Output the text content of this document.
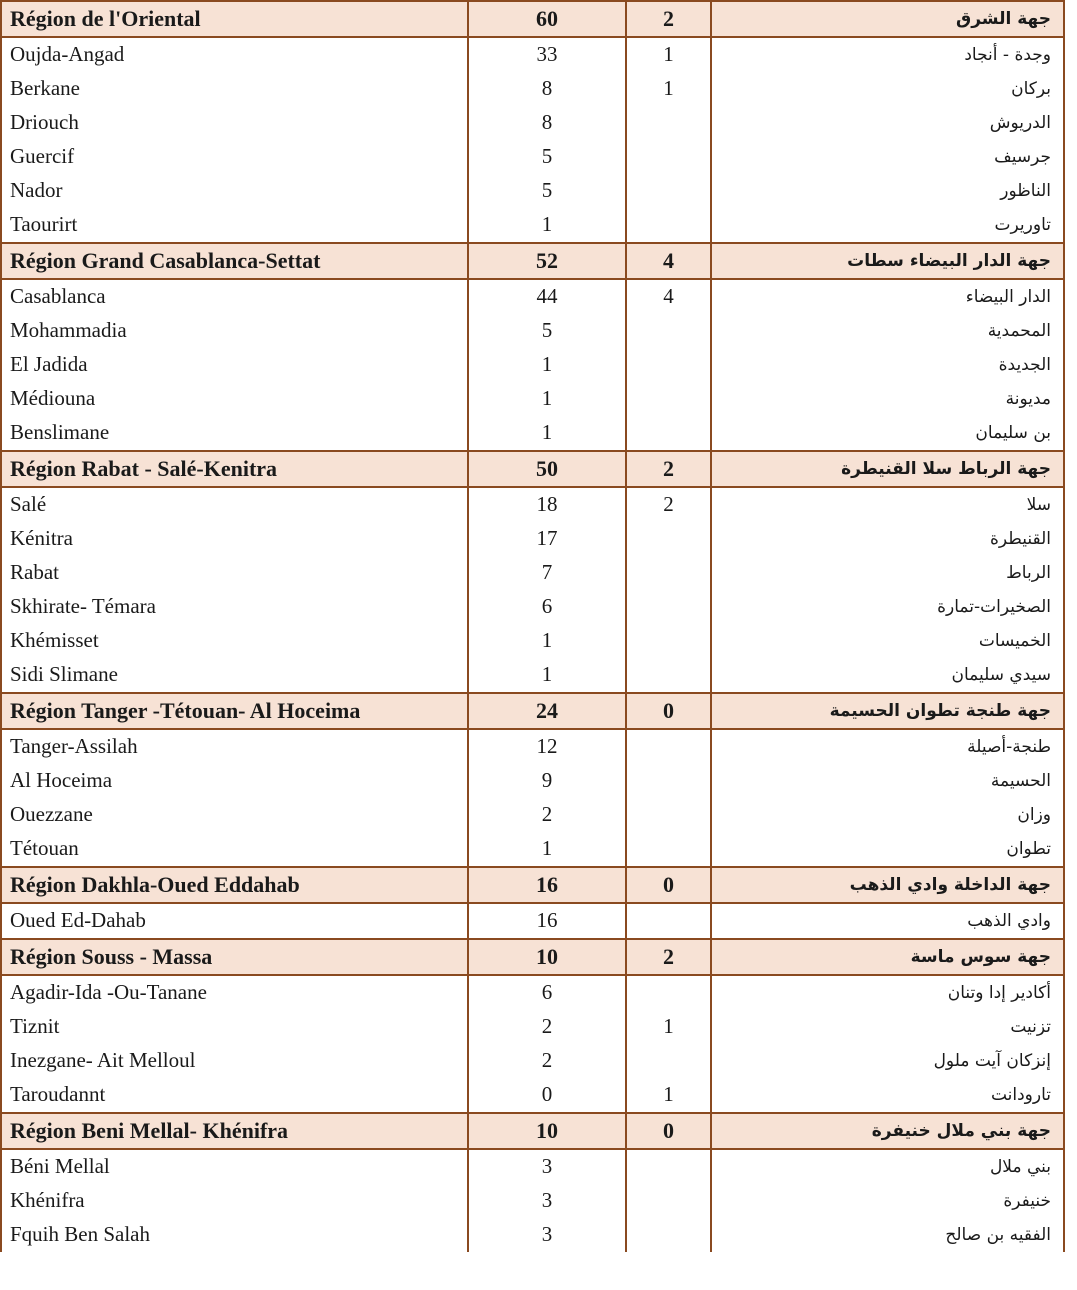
Région de l'Oriental	60	2	جهة الشرق
Oujda-Angad	33	1	وجدة - أنجاد
Berkane	8	1	بركان
Driouch	8		الدريوش
Guercif	5		جرسيف
Nador	5		الناظور
Taourirt	1		تاوريرت
Région Grand Casablanca-Settat	52	4	جهة الدار البيضاء سطات
Casablanca	44	4	الدار البيضاء
Mohammadia	5		المحمدية
El Jadida	1		الجديدة
Médiouna	1		مديونة
Benslimane	1		بن سليمان
Région Rabat - Salé-Kenitra	50	2	جهة الرباط سلا القنيطرة
Salé	18	2	سلا
Kénitra	17		القنيطرة
Rabat	7		الرباط
Skhirate- Témara	6		الصخيرات-تمارة
Khémisset	1		الخميسات
Sidi Slimane	1		سيدي سليمان
Région Tanger -Tétouan- Al Hoceima	24	0	جهة طنجة تطوان الحسيمة
Tanger-Assilah	12		طنجة-أصيلة
Al Hoceima	9		الحسيمة
Ouezzane	2		وزان
Tétouan	1		تطوان
Région Dakhla-Oued Eddahab	16	0	جهة الداخلة وادي الذهب
Oued Ed-Dahab	16		وادي الذهب
Région Souss - Massa	10	2	جهة سوس ماسة
Agadir-Ida -Ou-Tanane	6		أكادير إدا وتنان
Tiznit	2	1	تزنيت
Inezgane- Ait Melloul	2		إنزكان آيت ملول
Taroudannt	0	1	تارودانت
Région Beni Mellal- Khénifra	10	0	جهة بني ملال خنيفرة
Béni Mellal	3		بني ملال
Khénifra	3		خنيفرة
Fquih Ben Salah	3		الفقيه بن صالح
